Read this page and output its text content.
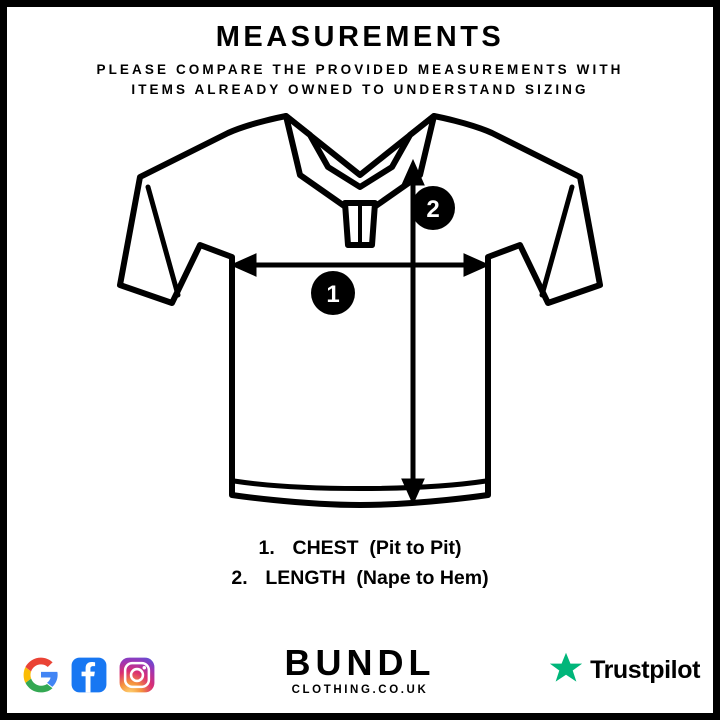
MEASUREMENTS
PLEASE COMPARE THE PROVIDED MEASUREMENTS WITH
ITEMS ALREADY OWNED TO UNDERSTAND SIZING
1
2
1. CHEST (Pit to Pit)
2. LENGTH (Nape to Hem)
BUNDL
CLOTHING.CO.UK
Trustpilot
